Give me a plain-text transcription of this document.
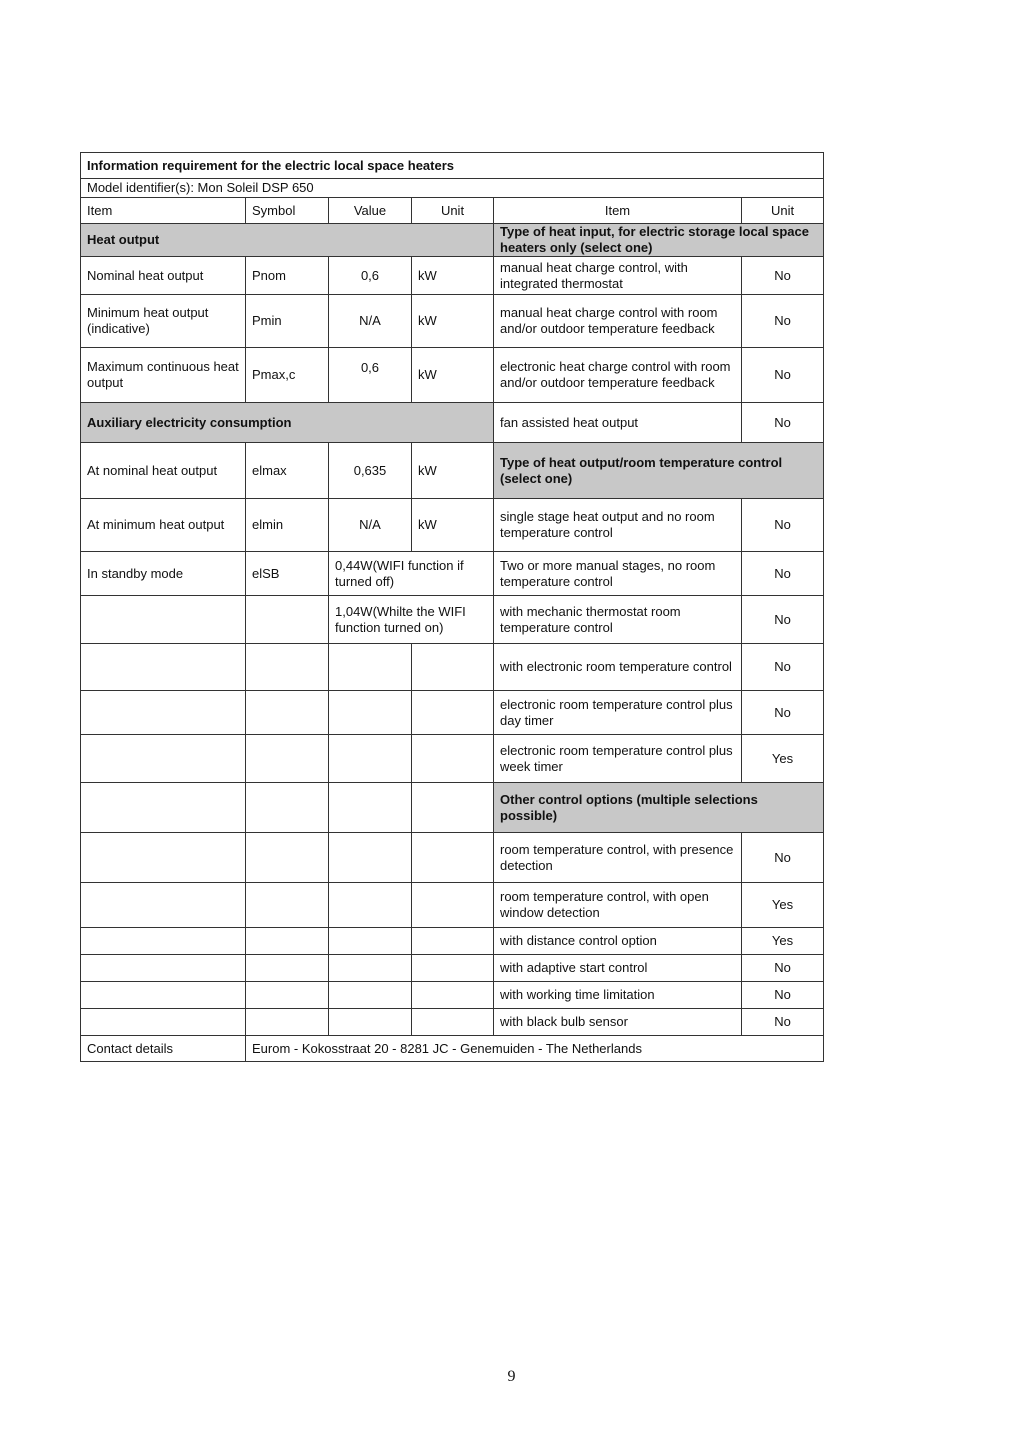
Information requirement for the electric local space heaters					
Model identifier(s): Mon Soleil DSP 650					
Item	Symbol	Value	Unit	Item	Unit
Heat output				Type of heat input, for electric storage local space heaters only (select one)	
Nominal heat output	Pnom	0,6	kW	manual heat charge control, with integrated thermostat	No
Minimum heat output (indicative)	Pmin	N/A	kW	manual heat charge control with room and/or outdoor temperature feedback	No
Maximum continuous heat output	Pmax,c	0,6	kW	electronic heat charge control with room and/or outdoor temperature feedback	No
Auxiliary electricity consumption				fan assisted heat output	No
At nominal heat output	elmax	0,635	kW	Type of heat output/room temperature control (select one)	
At minimum heat output	elmin	N/A	kW	single stage heat output and no room temperature control	No
In standby mode	elSB	0,44W(WIFI function if turned off)		Two or more manual stages, no room temperature control	No
		1,04W(Whilte the WIFI function turned on)		with mechanic thermostat room temperature control	No
				with electronic room temperature control	No
				electronic room temperature control plus day timer	No
				electronic room temperature control plus week timer	Yes
				Other control options (multiple selections possible)	
				room temperature control, with presence detection	No
				room temperature control, with open window detection	Yes
				with distance control option	Yes
				with adaptive start control	No
				with working time limitation	No
				with black bulb sensor	No
Contact details	Eurom - Kokosstraat 20 - 8281 JC - Genemuiden - The Netherlands				
9
